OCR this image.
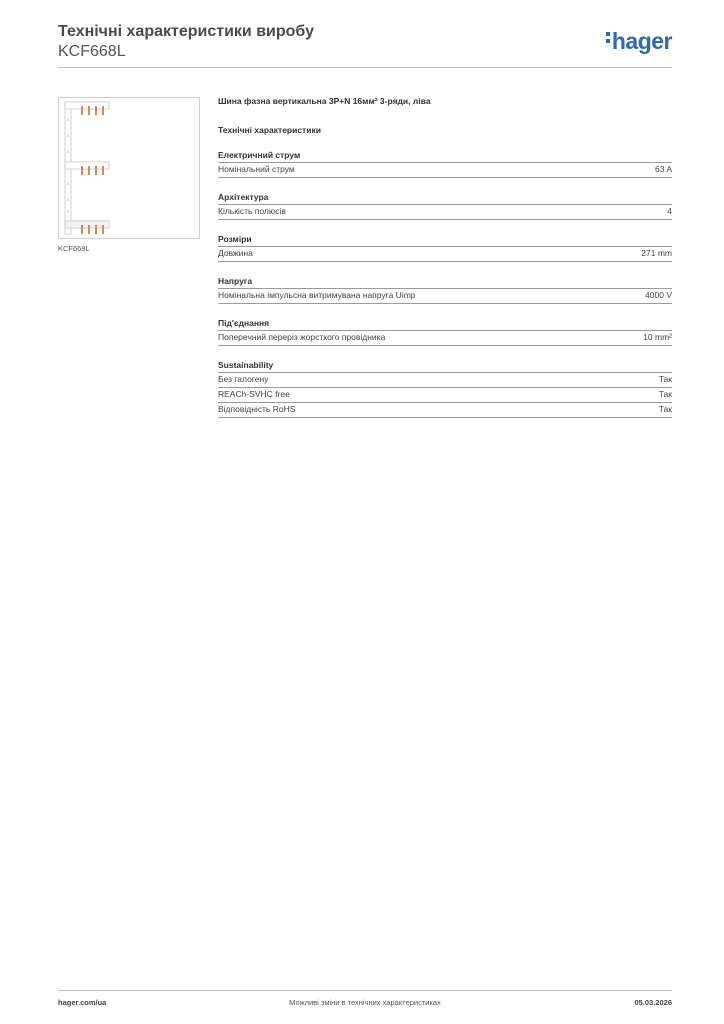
Технічні характеристики виробу
KCF668L	hager
KCF668L
Шина фазна вертикальна 3P+N 16мм² 3-ряди, ліва
Технічні характеристики
Електричний струм
Номінальний струм	63 A
Архітектура
Кількість полюсів	4
Розміри
Довжина	271 mm
Напруга
Номінальна імпульсна витримувана напруга Uimp	4000 V
Під'єднання
Поперечний переріз жорсткого провідника	10 mm²
Sustainability
Без галогену	Так
REACh-SVHC free	Так
Відповідність RoHS	Так
hager.com/ua	Можливі зміни в технічних характеристиках	05.03.2026
